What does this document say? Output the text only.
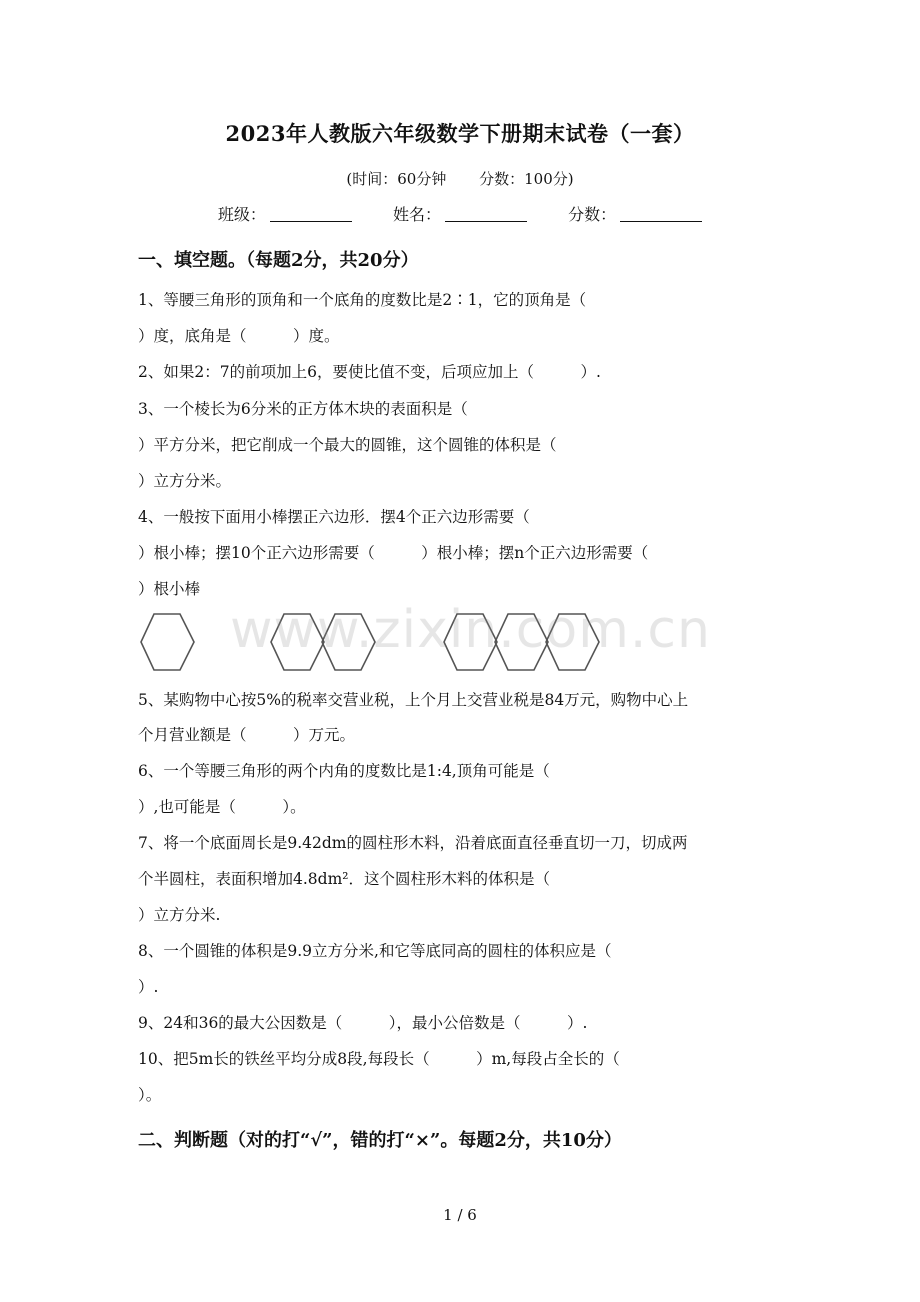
2023年人教版六年级数学下册期末试卷（一套）
(时间：60分钟 分数：100分)
班级：	姓名：	分数：
一、填空题。（每题2分，共20分）
1、等腰三角形的顶角和一个底角的度数比是2∶1，它的顶角是（
）度，底角是（　　　）度。
2、如果2：7的前项加上6，要使比值不变，后项应加上（　　　）.
3、一个棱长为6分米的正方体木块的表面积是（
）平方分米，把它削成一个最大的圆锥，这个圆锥的体积是（
）立方分米。
4、一般按下面用小棒摆正六边形．摆4个正六边形需要（
）根小棒；摆10个正六边形需要（　　　）根小棒；摆n个正六边形需要（
）根小棒
www.zixin.com.cn
5、某购物中心按5%的税率交营业税，上个月上交营业税是84万元，购物中心上
个月营业额是（　　　）万元。
6、一个等腰三角形的两个内角的度数比是1:4,顶角可能是（
）,也可能是（　　　）。
7、将一个底面周长是9.42dm的圆柱形木料，沿着底面直径垂直切一刀，切成两
个半圆柱，表面积增加4.8dm²．这个圆柱形木料的体积是（
）立方分米.
8、一个圆锥的体积是9.9立方分米,和它等底同高的圆柱的体积应是（
）.
9、24和36的最大公因数是（　　　），最小公倍数是（　　　）.
10、把5m长的铁丝平均分成8段,每段长（　　　）m,每段占全长的（
）。
二、判断题（对的打“√”，错的打“×”。每题2分，共10分）
1 / 6
